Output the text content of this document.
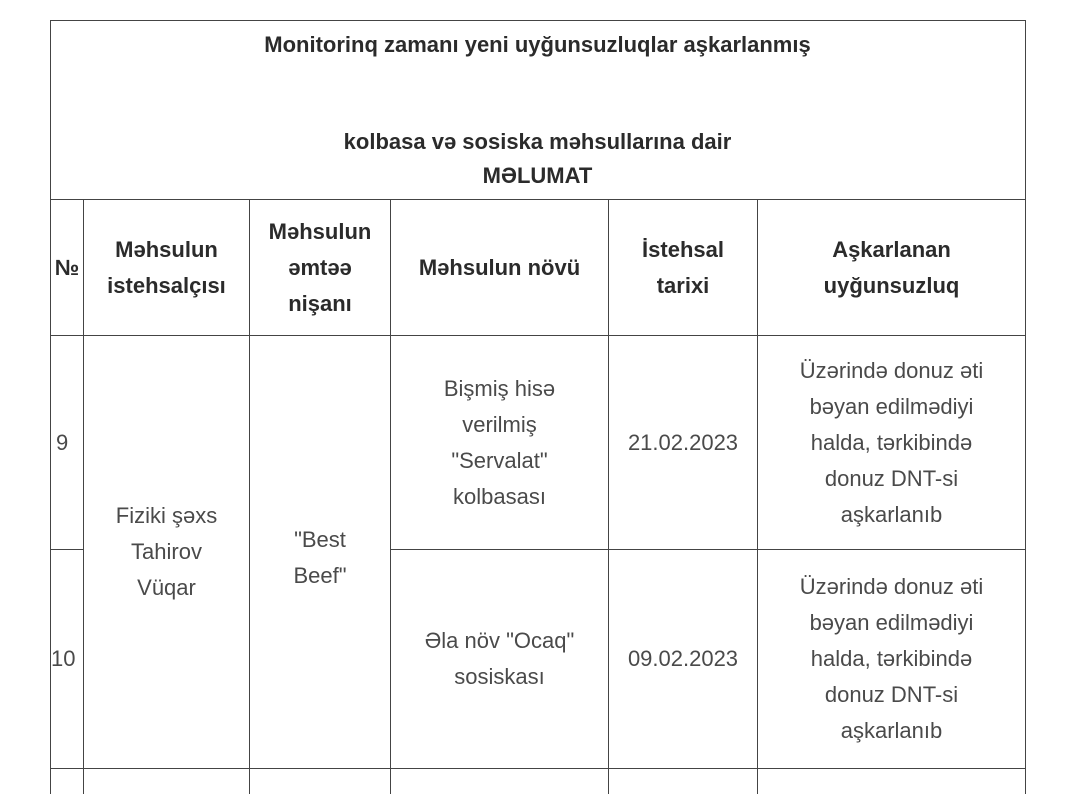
Monitorinq zamanı yeni uyğunsuzluqlar aşkarlanmış
kolbasa və sosiska məhsullarına dair
MƏLUMAT
№
Məhsulun
istehsalçısı
Məhsulun
əmtəə
nişanı
Məhsulun növü
İstehsal
tarixi
Aşkarlanan
uyğunsuzluq
Fiziki şəxs
Tahirov
Vüqar
"Best
Beef"
9
Bişmiş hisə
verilmiş
"Servalat"
kolbasası
21.02.2023
Üzərində donuz əti
bəyan edilmədiyi
halda, tərkibində
donuz DNT-si
aşkarlanıb
10
Əla növ "Ocaq"
sosiskası
09.02.2023
Üzərində donuz əti
bəyan edilmədiyi
halda, tərkibində
donuz DNT-si
aşkarlanıb
